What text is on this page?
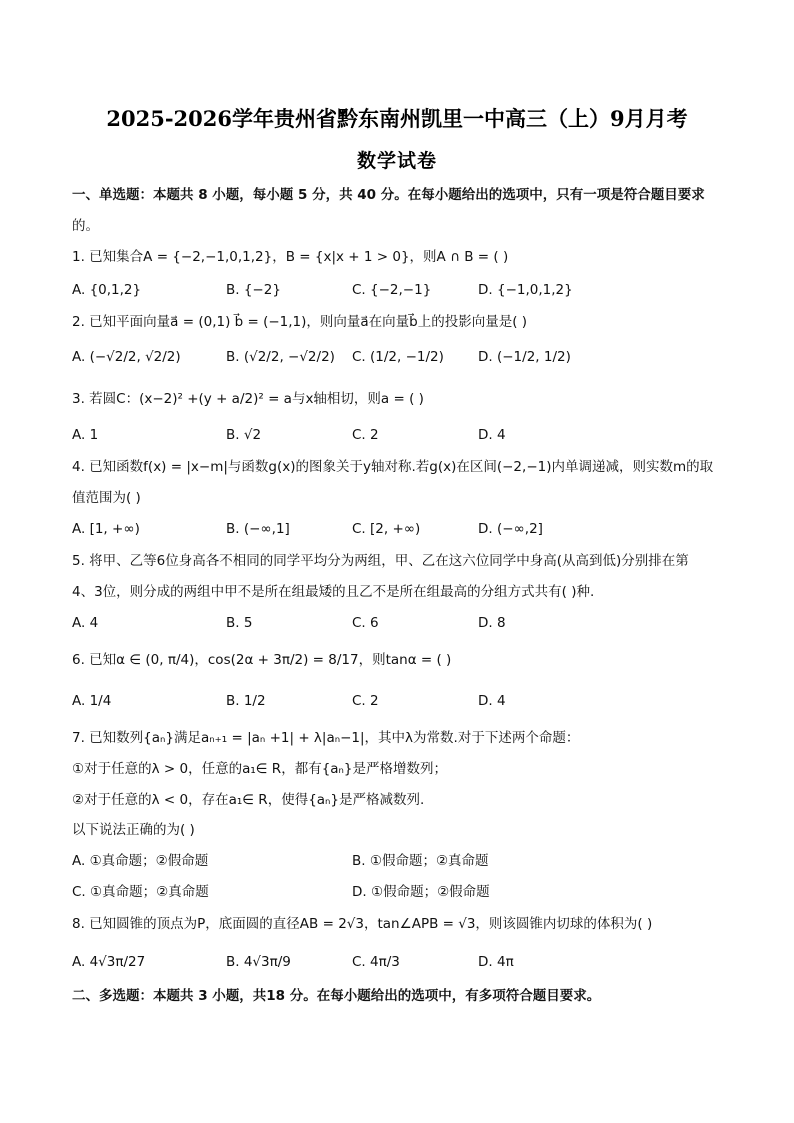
2025-2026学年贵州省黔东南州凯里一中高三（上）9月月考
数学试卷
一、单选题：本题共 8 小题，每小题 5 分，共 40 分。在每小题给出的选项中，只有一项是符合题目要求
的。
1. 已知集合A = {−2,−1,0,1,2}，B = {x|x + 1 > 0}，则A ∩ B = ( )
A. {0,1,2}	B. {−2}	C. {−2,−1}	D. {−1,0,1,2}
2. 已知平面向量a⃗ = (0,1) b⃗ = (−1,1)，则向量a⃗在向量b⃗上的投影向量是( )
A. (−√2/2, √2/2)	B. (√2/2, −√2/2) C. (1/2, −1/2)	D. (−1/2, 1/2)
3. 若圆C：(x−2)² +(y + a/2)² = a与x轴相切，则a = ( )
A. 1	B. √2	C. 2	D. 4
4. 已知函数f(x) = |x−m|与函数g(x)的图象关于y轴对称.若g(x)在区间(−2,−1)内单调递减，则实数m的取
值范围为( )
A. [1, +∞)	B. (−∞,1]	C. [2, +∞)	D. (−∞,2]
5. 将甲、乙等6位身高各不相同的同学平均分为两组，甲、乙在这六位同学中身高(从高到低)分别排在第
4、3位，则分成的两组中甲不是所在组最矮的且乙不是所在组最高的分组方式共有( )种.
A. 4	B. 5	C. 6	D. 8
6. 已知α ∈ (0, π/4)，cos(2α + 3π/2) = 8/17，则tanα = ( )
A. 1/4	B. 1/2	C. 2	D. 4
7. 已知数列{aₙ}满足aₙ₊₁ = |aₙ +1| + λ|aₙ−1|，其中λ为常数.对于下述两个命题：
①对于任意的λ > 0，任意的a₁∈ R，都有{aₙ}是严格增数列；
②对于任意的λ < 0，存在a₁∈ R，使得{aₙ}是严格减数列.
以下说法正确的为( )
A. ①真命题；②假命题	B. ①假命题；②真命题
C. ①真命题；②真命题	D. ①假命题；②假命题
8. 已知圆锥的顶点为P，底面圆的直径AB = 2√3，tan∠APB = √3，则该圆锥内切球的体积为( )
A. 4√3π/27	B. 4√3π/9	C. 4π/3	D. 4π
二、多选题：本题共 3 小题，共18 分。在每小题给出的选项中，有多项符合题目要求。
